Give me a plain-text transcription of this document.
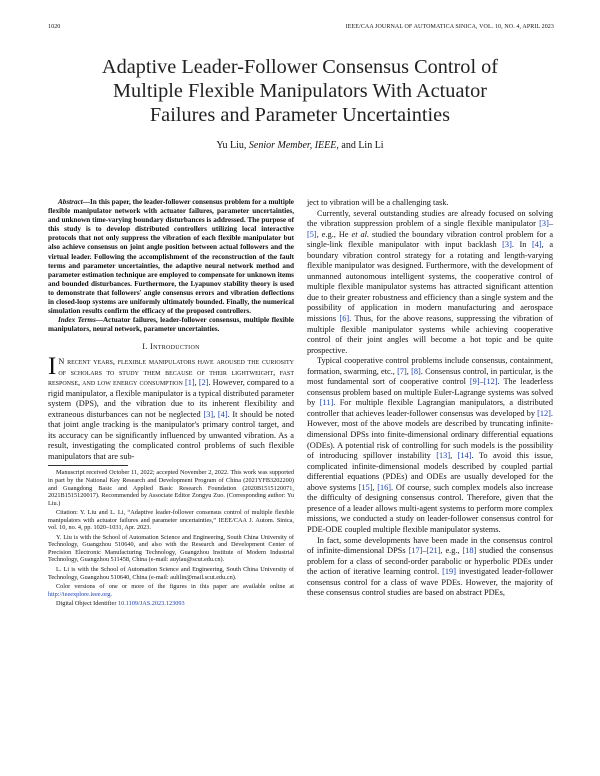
1020	IEEE/CAA JOURNAL OF AUTOMATICA SINICA, VOL. 10, NO. 4, APRIL 2023
Adaptive Leader-Follower Consensus Control of
Multiple Flexible Manipulators With Actuator
Failures and Parameter Uncertainties
Yu Liu, Senior Member, IEEE, and Lin Li

Abstract—In this paper, the leader-follower consensus problem for a multiple flexible manipulator network with actuator failures, parameter uncertainties, and unknown time-varying boundary disturbances is addressed. The purpose of this study is to develop distributed controllers utilizing local interactive protocols that not only suppress the vibration of each flexible manipulator but also achieve consensus on joint angle position between actual followers and the virtual leader. Following the accomplishment of the reconstruction of the fault terms and parameter uncertainties, the adaptive neural network method and parameter estimation technique are employed to compensate for unknown items and bounded disturbances. Furthermore, the Lyapunov stability theory is used to demonstrate that followers' angle consensus errors and vibration deflections in closed-loop systems are uniformly ultimately bounded. Finally, the numerical simulation results confirm the efficacy of the proposed controllers.

Index Terms—Actuator failures, leader-follower consensus, multiple flexible manipulators, neural network, parameter uncertainties.

I. Introduction

I N recent years, flexible manipulators have aroused the curiosity of scholars to study them because of their lightweight, fast response, and low energy consumption [1], [2]. However, compared to a rigid manipulator, a flexible manipulator is a typical distributed parameter system (DPS), and the vibration due to its inherent flexibility and extraneous disturbances can not be neglected [3], [4]. It should be noted that joint angle tracking is the manipulator's primary control target, and its accuracy can be significantly influenced by unwanted vibration. As a result, investigating the complicated control problems of such flexible manipulators that are sub-

Manuscript received October 11, 2022; accepted November 2, 2022. This work was supported in part by the National Key Research and Development Program of China (2021YFB3202200) and Guangdong Basic and Applied Basic Research Foundation (2020B1515120071, 2021B1515120017). Recommended by Associate Editor Zongyu Zuo. (Corresponding author: Yu Liu.)

Citation: Y. Liu and L. Li, “Adaptive leader-follower consensus control of multiple flexible manipulators with actuator failures and parameter uncertainties,” IEEE/CAA J. Autom. Sinica, vol. 10, no. 4, pp. 1020–1031, Apr. 2023.

Y. Liu is with the School of Automation Science and Engineering, South China University of Technology, Guangzhou 510640, and also with the Research and Development Center of Precision Electronic Manufacturing Technology, Guangzhou Institute of Modern Industrial Technology, Guangzhou 511458, China (e-mail: auylau@scut.edu.cn).

L. Li is with the School of Automation Science and Engineering, South China University of Technology, Guangzhou 510640, China (e-mail: aulilin@mail.scut.edu.cn).

Color versions of one or more of the figures in this paper are available online at http://ieeexplore.ieee.org.

Digital Object Identifier 10.1109/JAS.2023.123093

ject to vibration will be a challenging task.

Currently, several outstanding studies are already focused on solving the vibration suppression problem of a single flexible manipulator [3]–[5], e.g., He et al. studied the boundary vibration control problem for a single-link flexible manipulator with input backlash [3]. In [4], a boundary vibration control strategy for a rotating and length-varying flexible manipulator was designed. Furthermore, with the development of unmanned autonomous intelligent systems, the cooperative control of multiple flexible manipulator systems has attracted significant attention due to their greater robustness and efficiency than a single system and the possibility of application in modern manufacturing and aerospace missions [6]. Thus, for the above reasons, suppressing the vibration of multiple flexible manipulator systems while achieving cooperative control of their joint angles will become a hot topic and be quite prospective.

Typical cooperative control problems include consensus, containment, formation, swarming, etc., [7], [8]. Consensus control, in particular, is the most fundamental sort of cooperative control [9]–[12]. The leaderless consensus problem based on multiple Euler-Lagrange systems was solved by [11]. For multiple flexible Lagrangian manipulators, a distributed controller that achieves leader-follower consensus was developed by [12]. However, most of the above models are described by truncating infinite-dimensional DPSs into finite-dimensional ordinary differential equations (ODEs). A potential risk of controlling for such models is the possibility of introducing spillover instability [13], [14]. To avoid this issue, complicated infinite-dimensional models described by coupled partial differential equations (PDEs) and ODEs are usually developed for the above systems [15], [16]. Of course, such complex models also increase the difficulty of designing consensus control. Therefore, given that the presence of a leader allows multi-agent systems to perform more complex missions, we conducted a study on leader-follower consensus control for PDE-ODE coupled multiple flexible manipulator systems.

In fact, some developments have been made in the consensus control of infinite-dimensional DPSs [17]–[21], e.g., [18] studied the consensus problem for a class of second-order parabolic or hyperbolic PDEs under the action of iterative learning control. [19] investigated leader-follower consensus control for a class of wave PDEs. However, the majority of these consensus control studies are based on abstract PDEs,
